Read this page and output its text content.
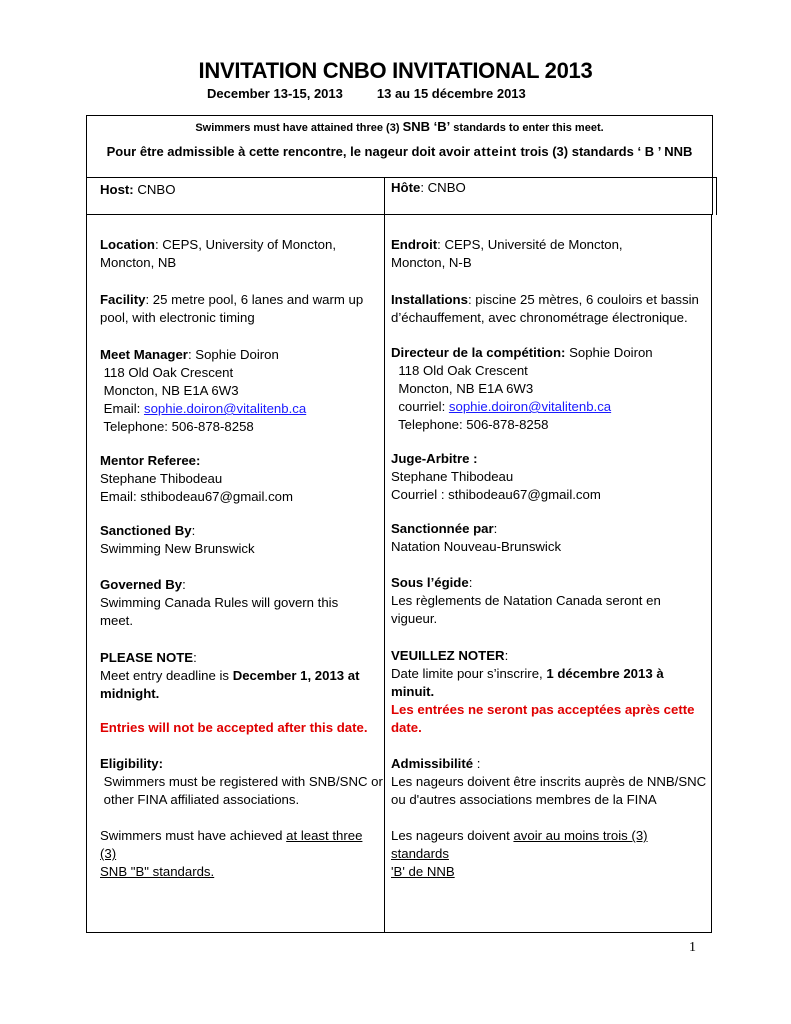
INVITATION CNBO INVITATIONAL 2013
December 13-15, 2013	13 au 15 décembre 2013
Swimmers must have attained three (3) SNB ‘B’ standards to enter this meet.
Pour être admissible à cette rencontre, le nageur doit avoir atteint trois (3) standards ‘ B ’ NNB
Host: CNBO	Hôte: CNBO
Location: CEPS, University of Moncton,
Moncton, NB
Facility: 25 metre pool, 6 lanes and warm up
pool, with electronic timing
Meet Manager: Sophie Doiron
118 Old Oak Crescent
Moncton, NB E1A 6W3
Email: sophie.doiron@vitalitenb.ca
Telephone: 506-878-8258
Mentor Referee:
Stephane Thibodeau
Email: sthibodeau67@gmail.com
Sanctioned By:
Swimming New Brunswick
Governed By:
Swimming Canada Rules will govern this
meet.
PLEASE NOTE:
Meet entry deadline is December 1, 2013 at
midnight.
Entries will not be accepted after this date.
Eligibility:
Swimmers must be registered with SNB/SNC or
other FINA affiliated associations.
Swimmers must have achieved at least three (3)
SNB "B" standards.
Endroit: CEPS, Université de Moncton,
Moncton, N-B
Installations: piscine 25 mètres, 6 couloirs et bassin
d’échauffement, avec chronométrage électronique.
Directeur de la compétition: Sophie Doiron
118 Old Oak Crescent
Moncton, NB E1A 6W3
courriel: sophie.doiron@vitalitenb.ca
Telephone: 506-878-8258
Juge-Arbitre :
Stephane Thibodeau
Courriel : sthibodeau67@gmail.com
Sanctionnée par:
Natation Nouveau-Brunswick
Sous l’égide:
Les règlements de Natation Canada seront en vigueur.
VEUILLEZ NOTER:
Date limite pour s’inscrire, 1 décembre 2013 à minuit.
Les entrées ne seront pas acceptées après cette
date.
Admissibilité :
Les nageurs doivent être inscrits auprès de NNB/SNC
ou d'autres associations membres de la FINA
Les nageurs doivent avoir au moins trois (3) standards
'B' de NNB
1
